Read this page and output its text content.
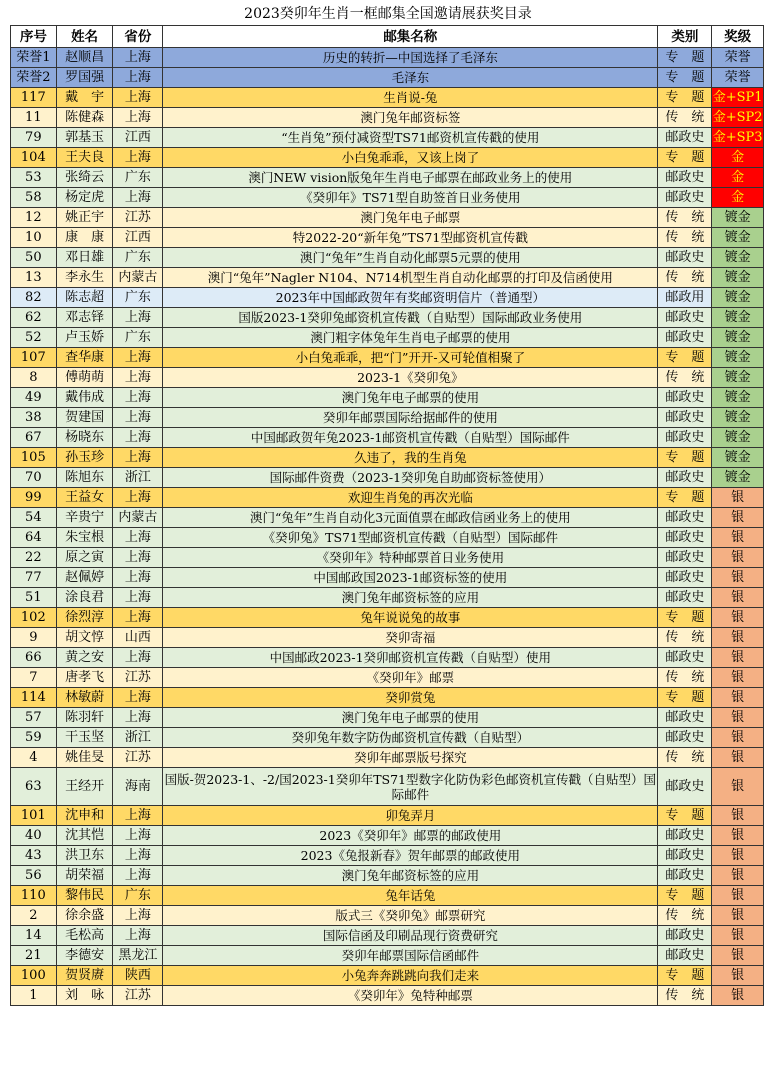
2023癸卯年生肖一框邮集全国邀请展获奖目录
序号	姓名	省份	邮集名称	类别	奖级
荣誉1	赵顺昌	上海	历史的转折—中国选择了毛泽东	专　题	荣誉
荣誉2	罗国强	上海	毛泽东	专　题	荣誉
117	戴　宇	上海	生肖说-兔	专　题	金+SP1
11	陈健森	上海	澳门兔年邮资标签	传　统	金+SP2
79	郭基玉	江西	“生肖兔”预付减资型TS71邮资机宣传戳的使用	邮政史	金+SP3
104	王夫良	上海	小白兔乖乖，又该上岗了	专　题	金
53	张绮云	广东	澳门NEW vision版兔年生肖电子邮票在邮政业务上的使用	邮政史	金
58	杨定虎	上海	《癸卯年》TS71型自助签首日业务使用	邮政史	金
12	姚正宇	江苏	澳门兔年电子邮票	传　统	镀金
10	康　康	江西	特2022-20“新年兔”TS71型邮资机宣传戳	传　统	镀金
50	邓日雄	广东	澳门“兔年”生肖自动化邮票5元票的使用	邮政史	镀金
13	李永生	内蒙古	澳门“兔年”Nagler N104、N714机型生肖自动化邮票的打印及信函使用	传　统	镀金
82	陈志超	广东	2023年中国邮政贺年有奖邮资明信片（普通型）	邮政用	镀金
62	邓志铎	上海	国版2023-1癸卯兔邮资机宣传戳（自贴型）国际邮政业务使用	邮政史	镀金
52	卢玉娇	广东	澳门粗字体兔年生肖电子邮票的使用	邮政史	镀金
107	查华康	上海	小白兔乖乖，把“门”开开-又可轮值相聚了	专　题	镀金
8	傅萌萌	上海	2023-1《癸卯兔》	传　统	镀金
49	戴伟成	上海	澳门兔年电子邮票的使用	邮政史	镀金
38	贺建国	上海	癸卯年邮票国际给据邮件的使用	邮政史	镀金
67	杨晓东	上海	中国邮政贺年兔2023-1邮资机宣传戳（自贴型）国际邮件	邮政史	镀金
105	孙玉珍	上海	久违了，我的生肖兔	专　题	镀金
70	陈旭东	浙江	国际邮件资费（2023-1癸卯兔自助邮资标签使用）	邮政史	镀金
99	王益女	上海	欢迎生肖兔的再次光临	专　题	银
54	辛贵宁	内蒙古	澳门“兔年”生肖自动化3元面值票在邮政信函业务上的使用	邮政史	银
64	朱宝根	上海	《癸卯兔》TS71型邮资机宣传戳（自贴型）国际邮件	邮政史	银
22	原之寅	上海	《癸卯年》特种邮票首日业务使用	邮政史	银
77	赵佩婷	上海	中国邮政国2023-1邮资标签的使用	邮政史	银
51	涂良君	上海	澳门兔年邮资标签的应用	邮政史	银
102	徐烈淳	上海	兔年说说兔的故事	专　题	银
9	胡文惇	山西	癸卯寄福	传　统	银
66	黄之安	上海	中国邮政2023-1癸卯邮资机宣传戳（自贴型）使用	邮政史	银
7	唐孝飞	江苏	《癸卯年》邮票	传　统	银
114	林敏蔚	上海	癸卯赏兔	专　题	银
57	陈羽轩	上海	澳门兔年电子邮票的使用	邮政史	银
59	干玉坚	浙江	癸卯兔年数字防伪邮资机宣传戳（自贴型）	邮政史	银
4	姚佳旻	江苏	癸卯年邮票版号探究	传　统	银
63	王经开	海南	国版-贺2023-1、-2/国2023-1癸卯年TS71型数字化防伪彩色邮资机宣传戳（自贴型）国际邮件	邮政史	银
101	沈申和	上海	卯兔弄月	专　题	银
40	沈其恺	上海	2023《癸卯年》邮票的邮政使用	邮政史	银
43	洪卫东	上海	2023《兔报新春》贺年邮票的邮政使用	邮政史	银
56	胡荣福	上海	澳门兔年邮资标签的应用	邮政史	银
110	黎伟民	广东	兔年话兔	专　题	银
2	徐余盛	上海	版式三《癸卯兔》邮票研究	传　统	银
14	毛松高	上海	国际信函及印刷品现行资费研究	邮政史	银
21	李德安	黑龙江	癸卯年邮票国际信函邮件	邮政史	银
100	贺贤赓	陕西	小兔奔奔跳跳向我们走来	专　题	银
1	刘　咏	江苏	《癸卯年》兔特种邮票	传　统	银
